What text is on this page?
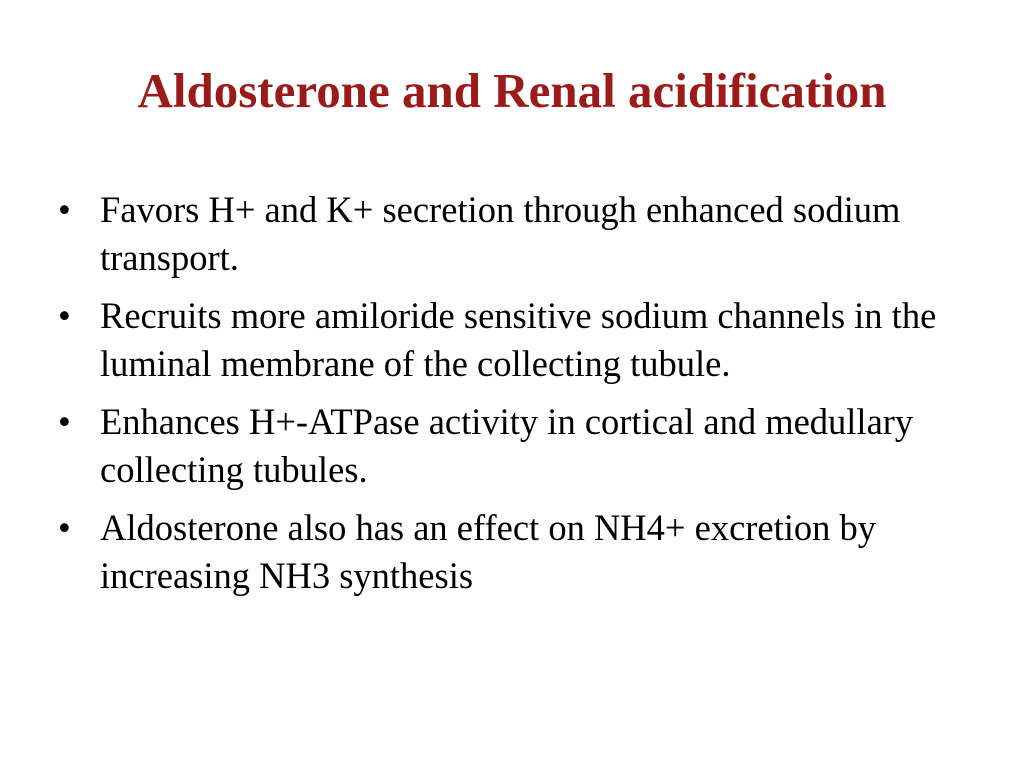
Aldosterone and Renal acidification
• Favors H+ and K+ secretion through enhanced sodium transport.
• Recruits more amiloride sensitive sodium channels in the luminal membrane of the collecting tubule.
• Enhances H+-ATPase activity in cortical and medullary collecting tubules.
• Aldosterone also has an effect on NH4+ excretion by increasing NH3 synthesis
